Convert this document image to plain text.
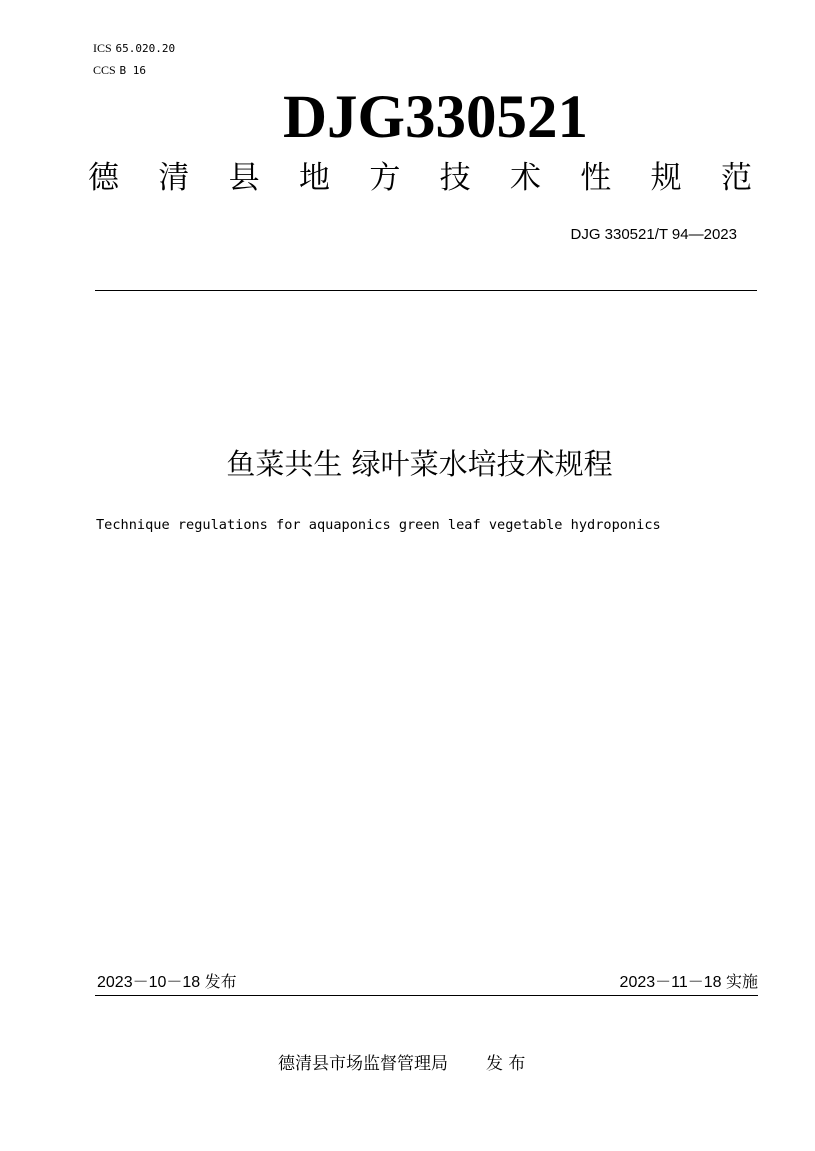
ICS 65.020.20
CCS B 16
DJG330521
德 清 县 地 方 技 术 性 规 范
DJG 330521/T 94—2023
鱼菜共生 绿叶菜水培技术规程
Technique regulations for aquaponics green leaf vegetable hydroponics
2023－10－18 发布	2023－11－18 实施
德清县市场监督管理局 发 布
